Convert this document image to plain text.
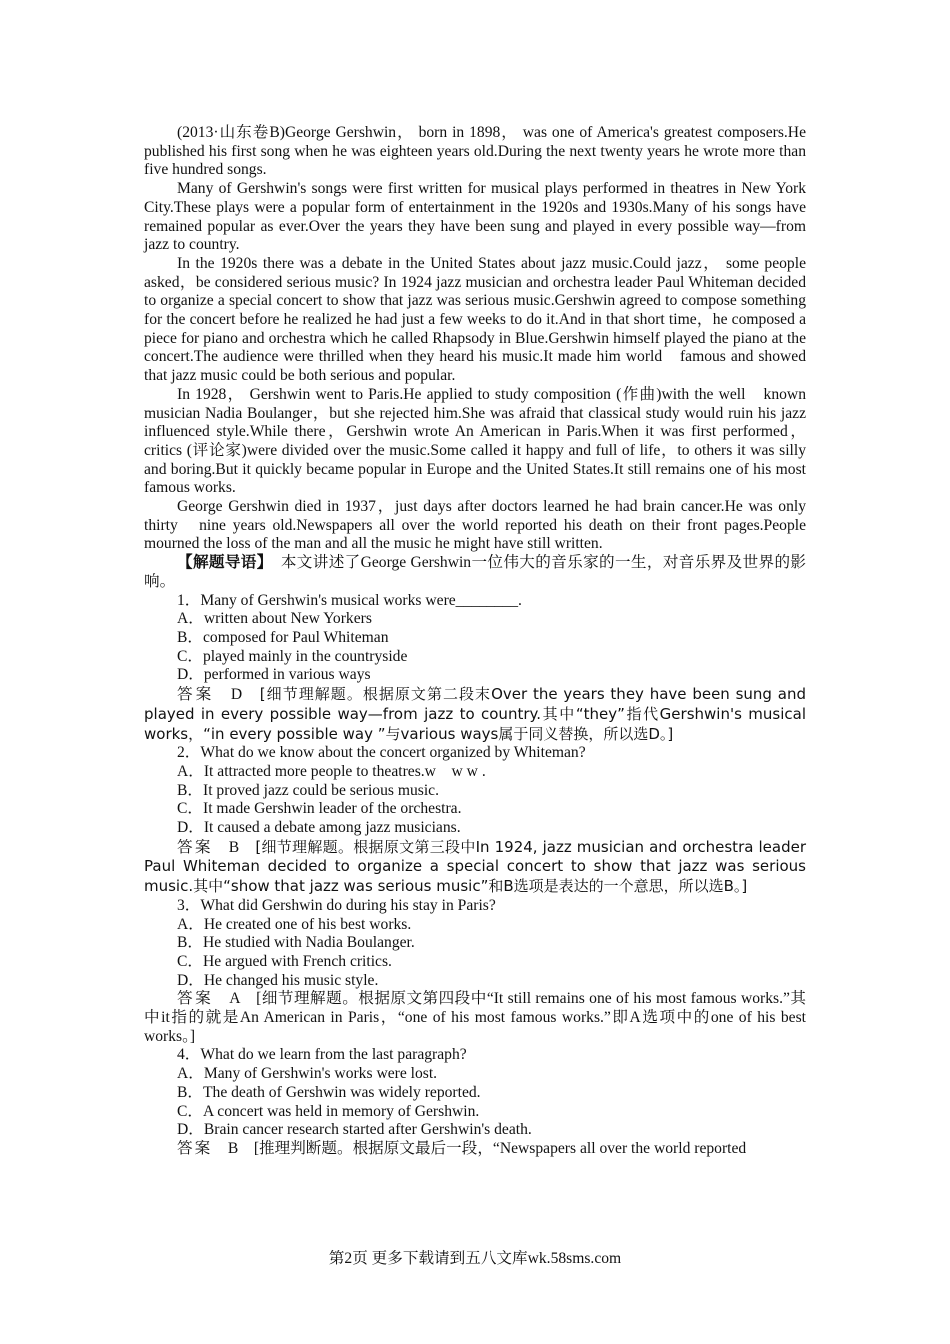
(2013·山东卷B)George Gershwin， born in 1898， was one of America's greatest composers.He published his first song when he was eighteen years old.During the next twenty years he wrote more than five hundred songs.

Many of Gershwin's songs were first written for musical plays performed in theatres in New York City.These plays were a popular form of entertainment in the 1920s and 1930s.Many of his songs have remained popular as ever.Over the years they have been sung and played in every possible way—from jazz to country.

In the 1920s there was a debate in the United States about jazz music.Could jazz， some people asked，be considered serious music? In 1924 jazz musician and orchestra leader Paul Whiteman decided to organize a special concert to show that jazz was serious music.Gershwin agreed to compose something for the concert before he realized he had just a few weeks to do it.And in that short time，he composed a piece for piano and orchestra which he called Rhapsody in Blue.Gershwin himself played the piano at the concert.The audience were thrilled when they heard his music.It made him world　famous and showed that jazz music could be both serious and popular.

In 1928， Gershwin went to Paris.He applied to study composition (作曲)with the well　known musician Nadia Boulanger，but she rejected him.She was afraid that classical study would ruin his jazz　influenced style.While there，Gershwin wrote An American in Paris.When it was first performed，critics (评论家)were divided over the music.Some called it happy and full of life，to others it was silly and boring.But it quickly became popular in Europe and the United States.It still remains one of his most famous works.

George Gershwin died in 1937，just days after doctors learned he had brain cancer.He was only thirty　nine years old.Newspapers all over the world reported his death on their front pages.People mourned the loss of the man and all the music he might have still written.

【解题导语】　本文讲述了George Gershwin一位伟大的音乐家的一生，对音乐界及世界的影响。

1．Many of Gershwin's musical works were________.

A．written about New Yorkers

B．composed for Paul Whiteman

C．played mainly in the countryside

D．performed in various ways

答案　 D　 [细节理解题。根据原文第二段末Over the years they have been sung and played in every possible way—from jazz to country.其中“they”指代Gershwin's musical works，“in every possible way ”与various ways属于同义替换，所以选D。]

2．What do we know about the concert organized by Whiteman?

A．It attracted more people to theatres.w　w w .

B．It proved jazz could be serious music.

C．It made Gershwin leader of the orchestra.

D．It caused a debate among jazz musicians.

答案　 B　 [细节理解题。根据原文第三段中In 1924, jazz musician and orchestra leader Paul Whiteman decided to organize a special concert to show that jazz was serious music.其中“show that jazz was serious music”和B选项是表达的一个意思，所以选B。]

3．What did Gershwin do during his stay in Paris?

A．He created one of his best works.

B．He studied with Nadia Boulanger.

C．He argued with French critics.

D．He changed his music style.

答案　 A　 [细节理解题。根据原文第四段中“It still remains one of his most famous works.”其中it指的就是An American in Paris，“one of his most famous works.”即A选项中的one of his best works。]

4．What do we learn from the last paragraph?

A．Many of Gershwin's works were lost.

B．The death of Gershwin was widely reported.

C．A concert was held in memory of Gershwin.

D．Brain cancer research started after Gershwin's death.

答案　 B　 [推理判断题。根据原文最后一段，“Newspapers all over the world reported

第2页 更多下载请到五八文库wk.58sms.com
